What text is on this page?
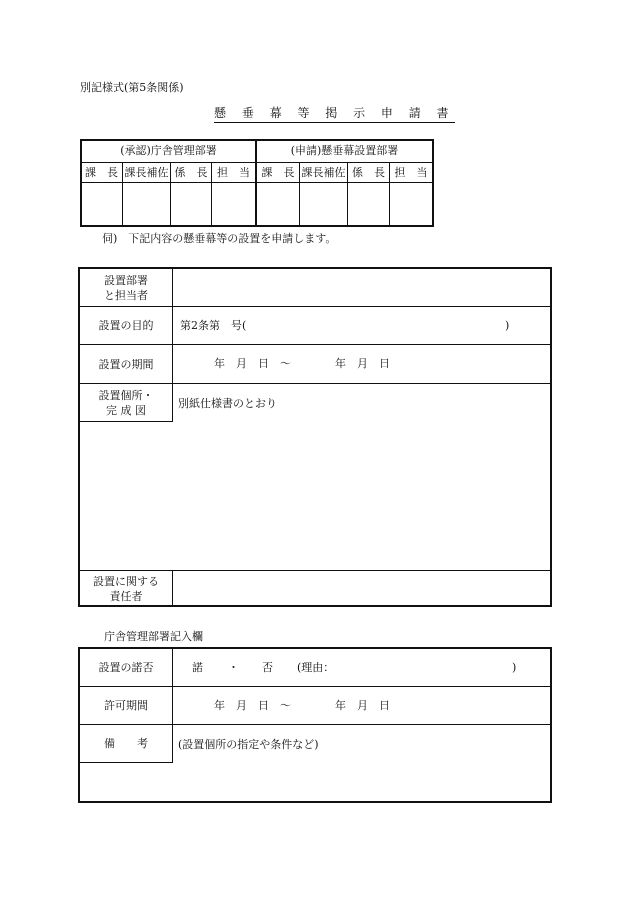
別記様式(第5条関係)
懸 垂 幕 等 掲 示 申 請 書
(承認)庁舎管理部署	(申請)懸垂幕設置部署
課　長 課長補佐 係　長 担　当	課　長 課長補佐 係　長 担　当
伺)　下記内容の懸垂幕等の設置を申請します。
設置部署
と担当者
設置の目的	第2条第　号(	)
設置の期間	年　月　日　〜　　　　年　月　日
設置個所・
完 成 図	別紙仕様書のとおり
設置に関する
責任者
庁舎管理部署記入欄
設置の諾否	諾 ・ 否 (理由：	)
許可期間	年　月　日　〜　　　　年　月　日
備　　考	(設置個所の指定や条件など)
